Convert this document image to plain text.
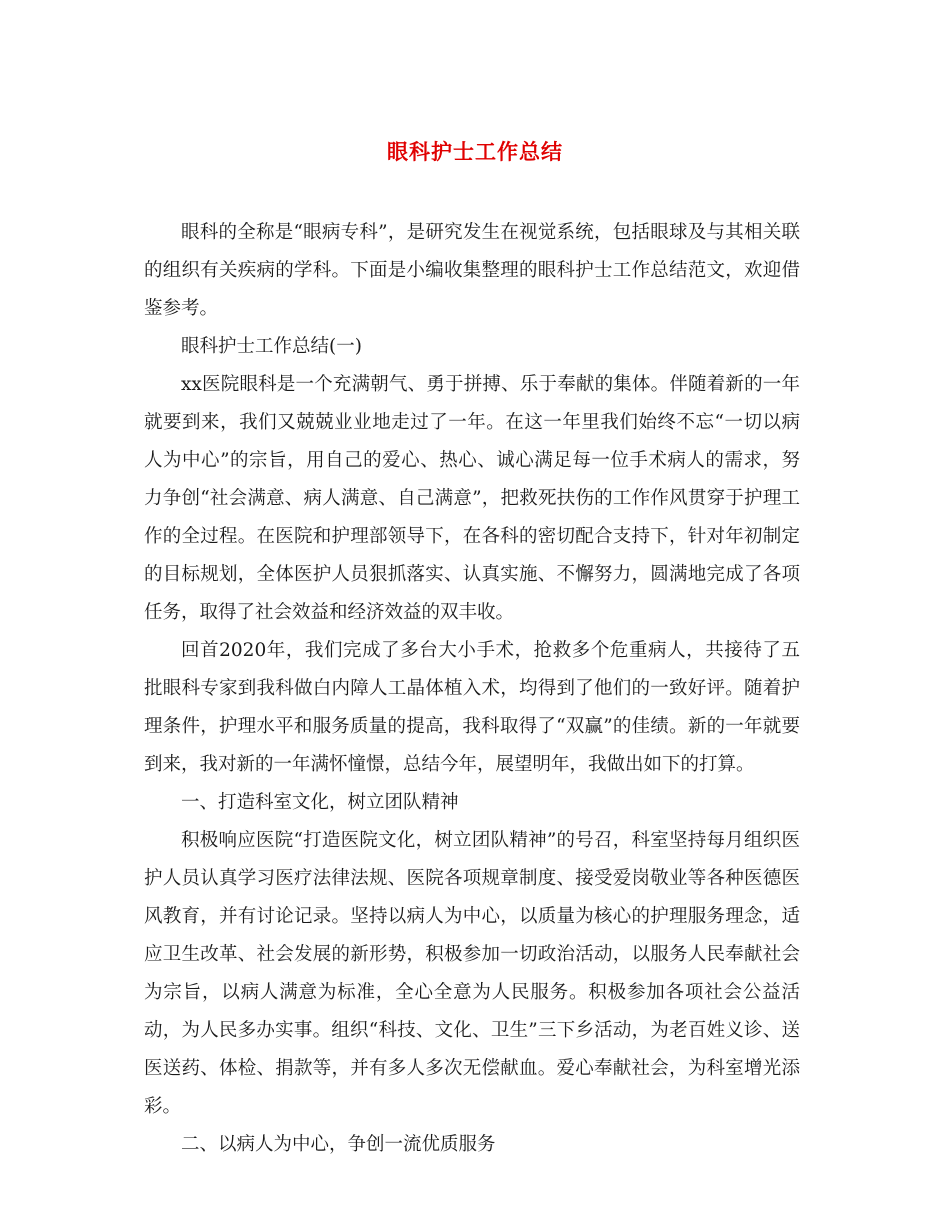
眼科护士工作总结

眼科的全称是“眼病专科”，是研究发生在视觉系统，包括眼球及与其相关联的组织有关疾病的学科。下面是小编收集整理的眼科护士工作总结范文，欢迎借鉴参考。

眼科护士工作总结(一)

xx医院眼科是一个充满朝气、勇于拼搏、乐于奉献的集体。伴随着新的一年就要到来，我们又兢兢业业地走过了一年。在这一年里我们始终不忘“一切以病人为中心”的宗旨，用自己的爱心、热心、诚心满足每一位手术病人的需求，努力争创“社会满意、病人满意、自己满意”，把救死扶伤的工作作风贯穿于护理工作的全过程。在医院和护理部领导下，在各科的密切配合支持下，针对年初制定的目标规划，全体医护人员狠抓落实、认真实施、不懈努力，圆满地完成了各项任务，取得了社会效益和经济效益的双丰收。

回首2020年，我们完成了多台大小手术，抢救多个危重病人，共接待了五批眼科专家到我科做白内障人工晶体植入术，均得到了他们的一致好评。随着护理条件，护理水平和服务质量的提高，我科取得了“双赢”的佳绩。新的一年就要到来，我对新的一年满怀憧憬，总结今年，展望明年，我做出如下的打算。

一、打造科室文化，树立团队精神

积极响应医院“打造医院文化，树立团队精神”的号召，科室坚持每月组织医护人员认真学习医疗法律法规、医院各项规章制度、接受爱岗敬业等各种医德医风教育，并有讨论记录。坚持以病人为中心，以质量为核心的护理服务理念，适应卫生改革、社会发展的新形势，积极参加一切政治活动，以服务人民奉献社会为宗旨，以病人满意为标准，全心全意为人民服务。积极参加各项社会公益活动，为人民多办实事。组织“科技、文化、卫生”三下乡活动，为老百姓义诊、送医送药、体检、捐款等，并有多人多次无偿献血。爱心奉献社会，为科室增光添彩。

二、以病人为中心，争创一流优质服务
